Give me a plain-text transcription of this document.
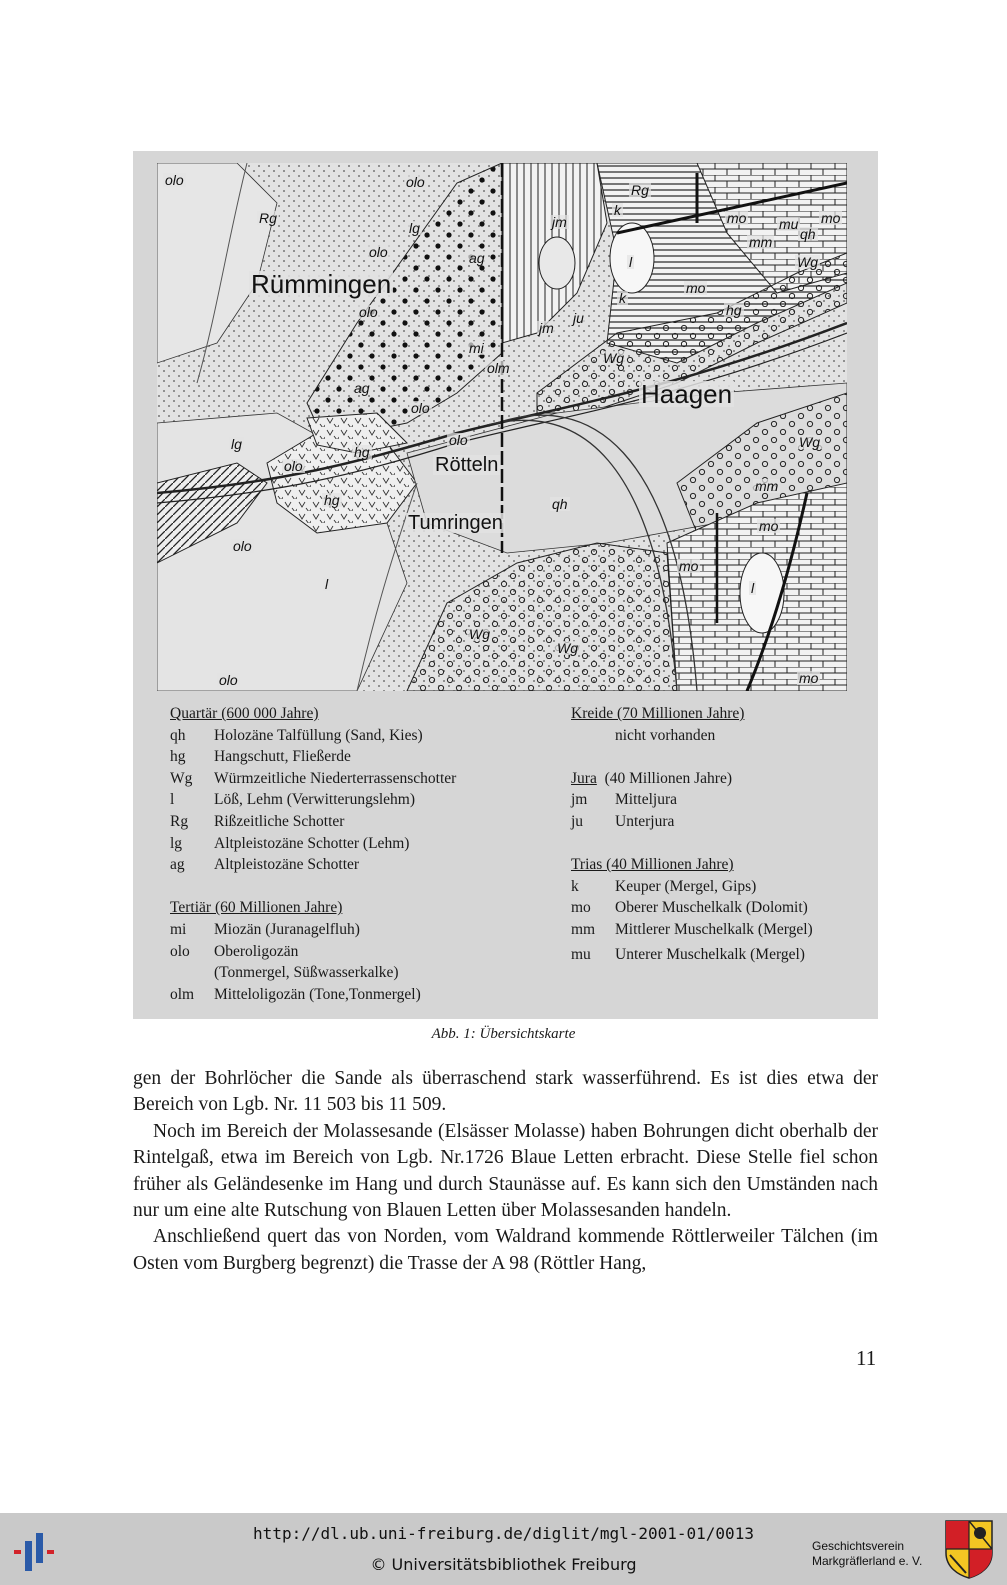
Rümmingen
Haagen
Rötteln
Tumringen
olo
Rg
lg
olo
ag
jm
Rg
k	mo mu mo
mm qh
Wg
olo
olo
l
k
mo
hg
jm
ju
mi
olm
Wg
ag
olo
Wg
lg	hg
olo
olo
mm
hg	qh
mo
mo
olo
l
Wg
Wg
l
mo
olo
Quartär (600 000 Jahre)
qh	Holozäne Talfüllung (Sand, Kies)
hg	Hangschutt, Fließerde
Wg	Würmzeitliche Niederterrassenschotter
l	Löß, Lehm (Verwitterungslehm)
Rg	Rißzeitliche Schotter
lg	Altpleistozäne Schotter (Lehm)
ag	Altpleistozäne Schotter
Tertiär (60 Millionen Jahre)
mi	Miozän (Juranagelfluh)
olo	Oberoligozän
(Tonmergel, Süßwasserkalke)
olm	Mitteloligozän (Tone,Tonmergel)
Kreide (70 Millionen Jahre)
nicht vorhanden
Jura  (40 Millionen Jahre)
jm	Mitteljura
ju	Unterjura
Trias (40 Millionen Jahre)
k	Keuper (Mergel, Gips)
mo	Oberer Muschelkalk (Dolomit)
mm	Mittlerer Muschelkalk (Mergel)
mu	Unterer Muschelkalk (Mergel)
Abb. 1: Übersichtskarte

gen der Bohrlöcher die Sande als überraschend stark wasserführend. Es ist dies etwa der Bereich von Lgb. Nr. 11 503 bis 11 509.

Noch im Bereich der Molassesande (Elsässer Molasse) haben Bohrungen dicht oberhalb der Rintelgaß, etwa im Bereich von Lgb. Nr.1726 Blaue Letten erbracht. Diese Stelle fiel schon früher als Geländesenke im Hang und durch Staunässe auf. Es kann sich den Umständen nach nur um eine alte Rutschung von Blauen Letten über Molassesanden handeln.

Anschließend quert das von Norden, vom Waldrand kommende Röttlerweiler Tälchen (im Osten vom Burgberg begrenzt) die Trasse der A 98 (Röttler Hang,

11
http://dl.ub.uni-freiburg.de/diglit/mgl-2001-01/0013
© Universitätsbibliothek Freiburg
Geschichtsverein
Markgräflerland e. V.
